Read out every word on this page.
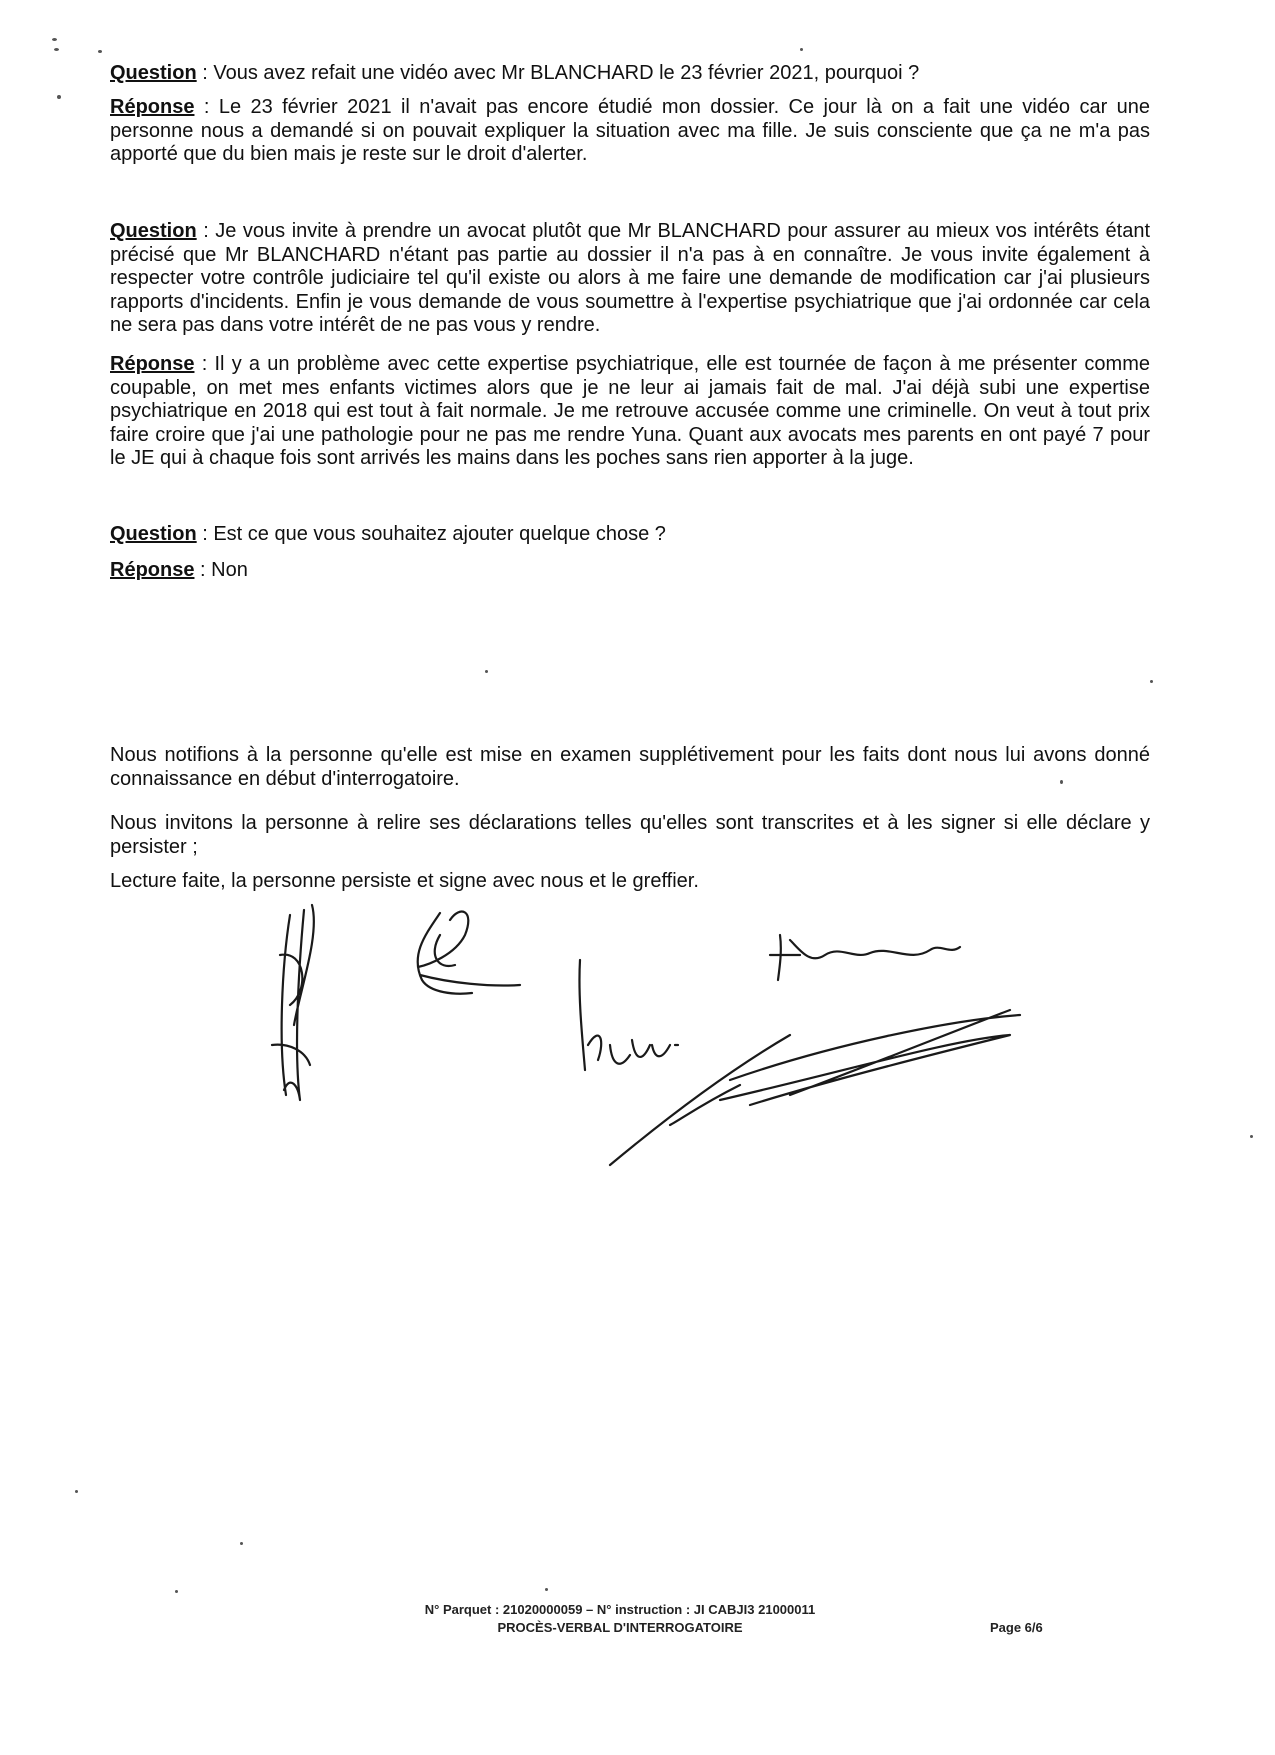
Question : Vous avez refait une vidéo avec Mr BLANCHARD le 23 février 2021, pourquoi ?
Réponse : Le 23 février 2021 il n'avait pas encore étudié mon dossier. Ce jour là on a fait une vidéo car une personne nous a demandé si on pouvait expliquer la situation avec ma fille. Je suis consciente que ça ne m'a pas apporté que du bien mais je reste sur le droit d'alerter.
Question : Je vous invite à prendre un avocat plutôt que Mr BLANCHARD pour assurer au mieux vos intérêts étant précisé que Mr BLANCHARD n'étant pas partie au dossier il n'a pas à en connaître. Je vous invite également à respecter votre contrôle judiciaire tel qu'il existe ou alors à me faire une demande de modification car j'ai plusieurs rapports d'incidents. Enfin je vous demande de vous soumettre à l'expertise psychiatrique que j'ai ordonnée car cela ne sera pas dans votre intérêt de ne pas vous y rendre.
Réponse : Il y a un problème avec cette expertise psychiatrique, elle est tournée de façon à me présenter comme coupable, on met mes enfants victimes alors que je ne leur ai jamais fait de mal. J'ai déjà subi une expertise psychiatrique en 2018 qui est tout à fait normale. Je me retrouve accusée comme une criminelle. On veut à tout prix faire croire que j'ai une pathologie pour ne pas me rendre Yuna. Quant aux avocats mes parents en ont payé 7 pour le JE qui à chaque fois sont arrivés les mains dans les poches sans rien apporter à la juge.
Question : Est ce que vous souhaitez ajouter quelque chose ?
Réponse : Non
Nous notifions à la personne qu'elle est mise en examen supplétivement pour les faits dont nous lui avons donné connaissance en début d'interrogatoire.
Nous invitons la personne à relire ses déclarations telles qu'elles sont transcrites et à les signer si elle déclare y persister ;
Lecture faite, la personne persiste et signe avec nous et le greffier.
N° Parquet : 21020000059 – N° instruction : JI CABJI3 21000011
PROCÈS-VERBAL D'INTERROGATOIRE	Page 6/6
